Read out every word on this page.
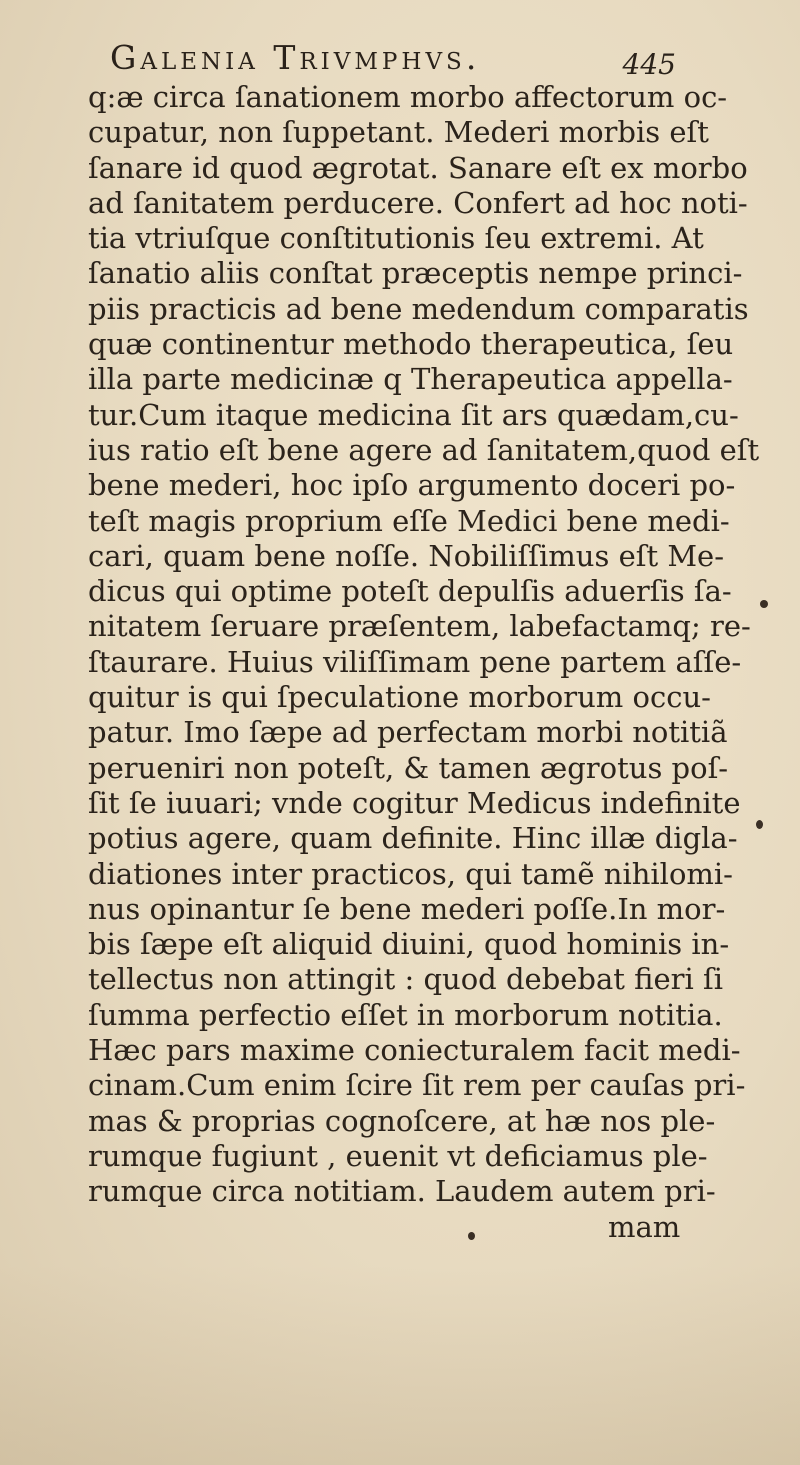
Galenia Trivmphvs.	445
q:æ circa ſanationem morbo affectorum oc-
cupatur, non ſuppetant. Mederi morbis eſt
ſanare id quod ægrotat. Sanare eſt ex morbo
ad ſanitatem perducere. Confert ad hoc noti-
tia vtriuſque conſtitutionis ſeu extremi. At
ſanatio aliis conſtat præceptis nempe princi-
piis practicis ad bene medendum comparatis
quæ continentur methodo therapeutica, ſeu
illa parte medicinæ q Therapeutica appella-
tur.Cum itaque medicina ſit ars quædam,cu-
ius ratio eſt bene agere ad ſanitatem,quod eſt
bene mederi, hoc ipſo argumento doceri po-
teſt magis proprium eſſe Medici bene medi-
cari, quam bene noſſe. Nobiliſſimus eſt Me-
dicus qui optime poteſt depulſis aduerſis ſa-
nitatem ſeruare præſentem, labefactamq; re-
ſtaurare. Huius viliſſimam pene partem aſſe-
quitur is qui ſpeculatione morborum occu-
patur. Imo ſæpe ad perfectam morbi notitiã
perueniri non poteſt, & tamen ægrotus poſ-
ſit ſe iuuari; vnde cogitur Medicus indefinite
potius agere, quam definite. Hinc illæ digla-
diationes inter practicos, qui tamẽ nihilomi-
nus opinantur ſe bene mederi poſſe.In mor-
bis ſæpe eſt aliquid diuini, quod hominis in-
tellectus non attingit : quod debebat fieri ſi
ſumma perfectio eſſet in morborum notitia.
Hæc pars maxime coniecturalem facit medi-
cinam.Cum enim ſcire ſit rem per cauſas pri-
mas & proprias cognoſcere, at hæ nos ple-
rumque fugiunt , euenit vt deficiamus ple-
rumque circa notitiam. Laudem autem pri-
mam
